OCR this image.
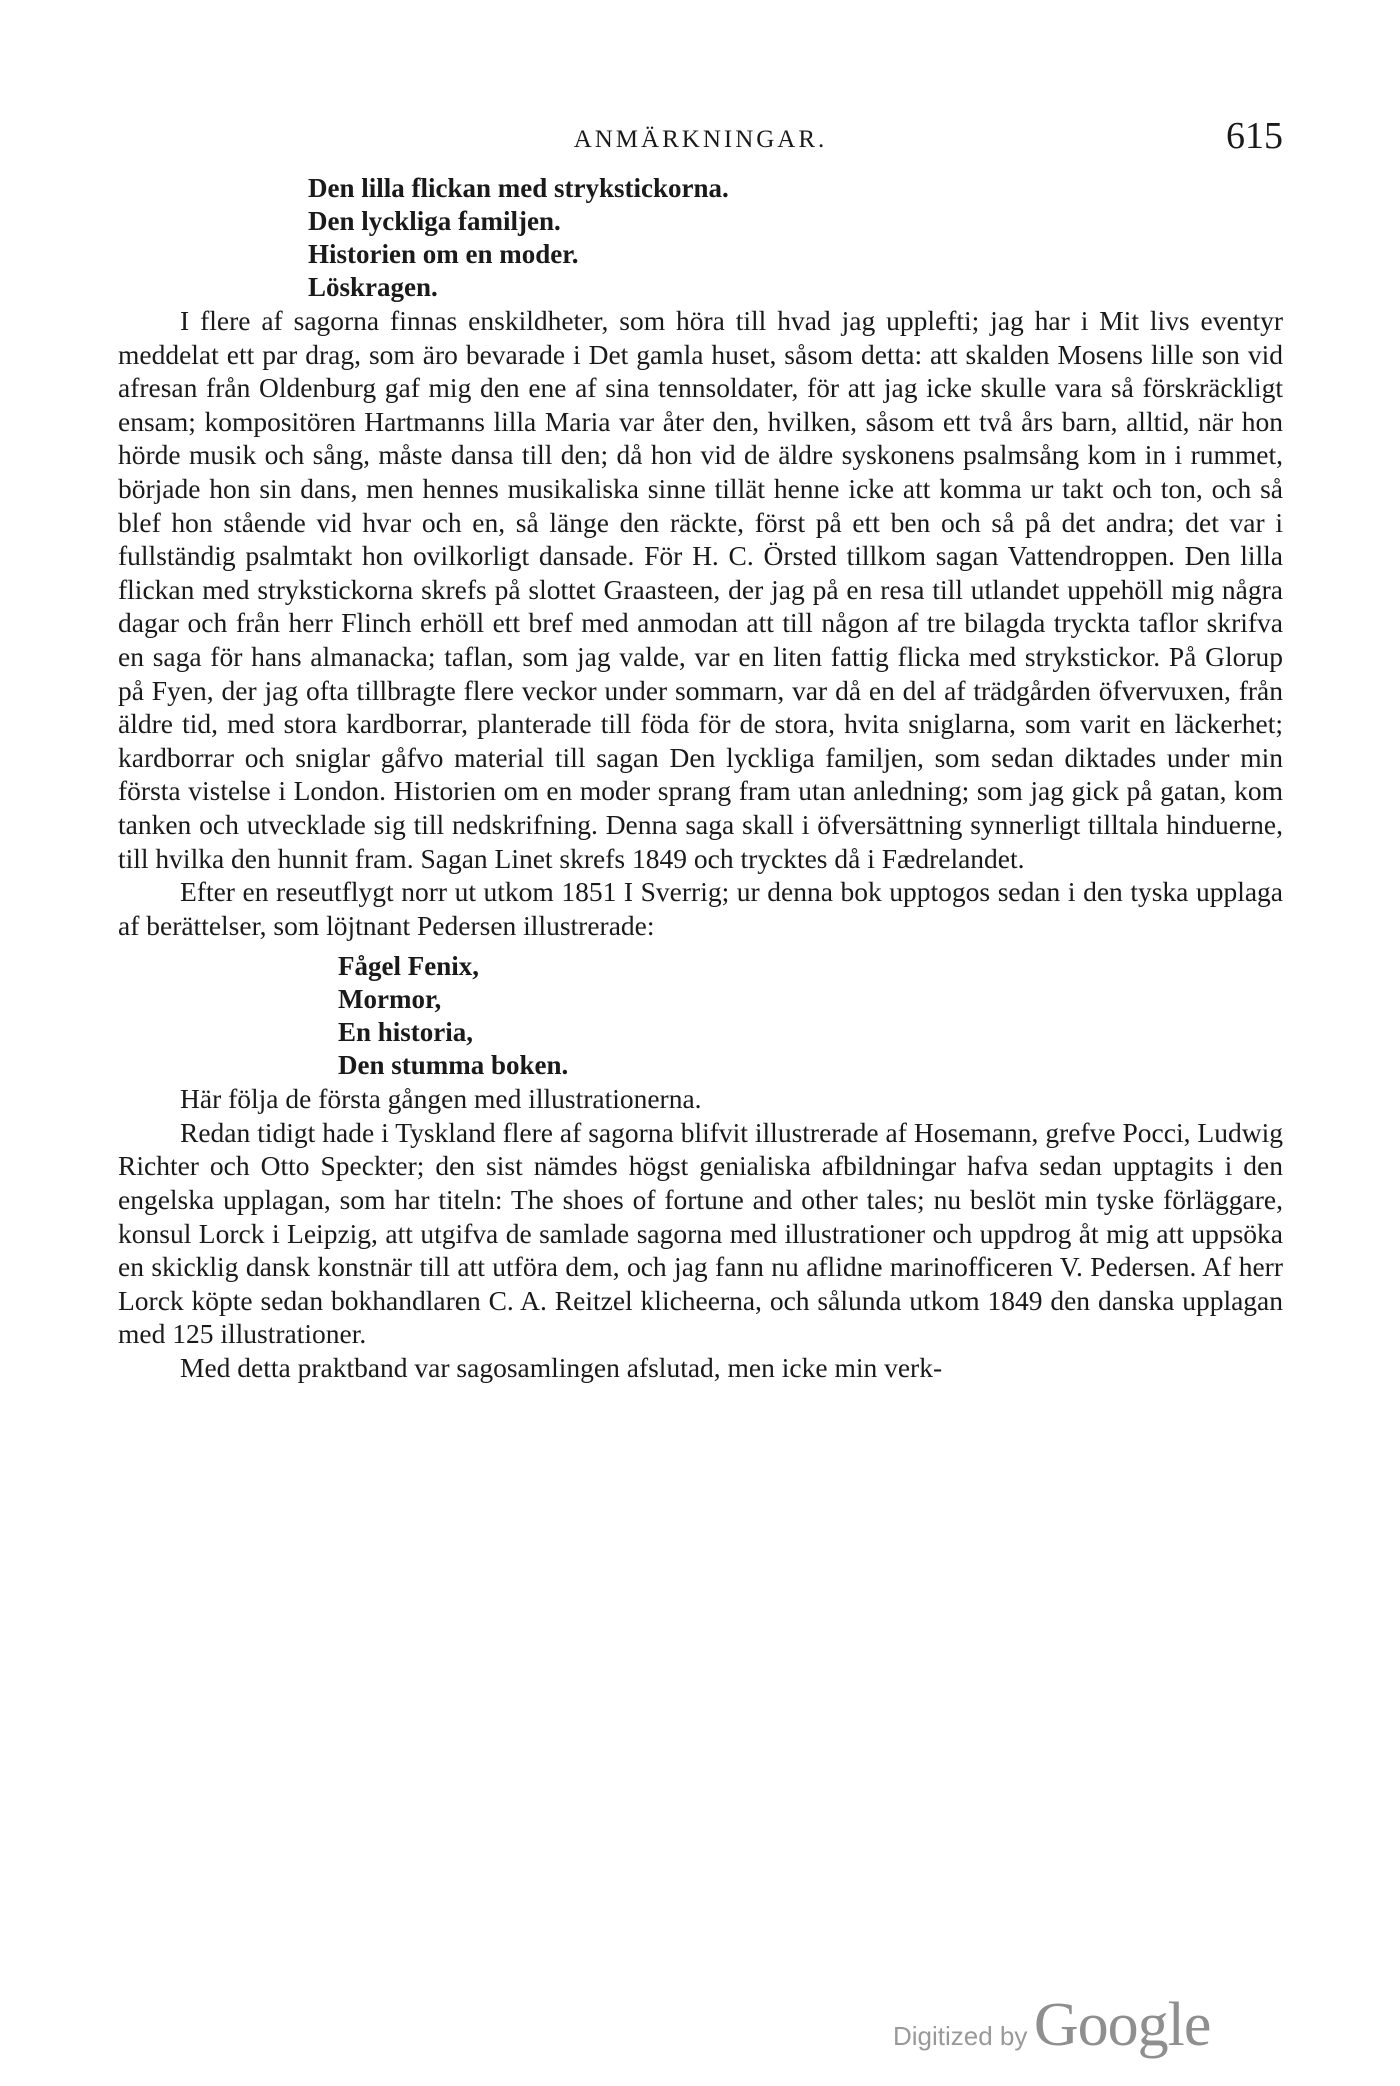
ANMÄRKNINGAR.	615
Den lilla flickan med strykstickorna.
Den lyckliga familjen.
Historien om en moder.
Löskragen.

I flere af sagorna finnas enskildheter, som höra till hvad jag upplefti; jag har i Mit livs eventyr meddelat ett par drag, som äro bevarade i Det gamla huset, såsom detta: att skalden Mosens lille son vid afresan från Oldenburg gaf mig den ene af sina tennsoldater, för att jag icke skulle vara så förskräckligt ensam; kompositören Hartmanns lilla Maria var åter den, hvilken, såsom ett två års barn, alltid, när hon hörde musik och sång, måste dansa till den; då hon vid de äldre syskonens psalmsång kom in i rummet, började hon sin dans, men hennes musikaliska sinne tillät henne icke att komma ur takt och ton, och så blef hon stående vid hvar och en, så länge den räckte, först på ett ben och så på det andra; det var i fullständig psalmtakt hon ovilkorligt dansade. För H. C. Örsted tillkom sagan Vattendroppen. Den lilla flickan med strykstickorna skrefs på slottet Graasteen, der jag på en resa till utlandet uppehöll mig några dagar och från herr Flinch erhöll ett bref med anmodan att till någon af tre bilagda tryckta taflor skrifva en saga för hans almanacka; taflan, som jag valde, var en liten fattig flicka med strykstickor. På Glorup på Fyen, der jag ofta tillbragte flere veckor under sommarn, var då en del af trädgården öfvervuxen, från äldre tid, med stora kardborrar, planterade till föda för de stora, hvita sniglarna, som varit en läckerhet; kardborrar och sniglar gåfvo material till sagan Den lyckliga familjen, som sedan diktades under min första vistelse i London. Historien om en moder sprang fram utan anledning; som jag gick på gatan, kom tanken och utvecklade sig till nedskrifning. Denna saga skall i öfversättning synnerligt tilltala hinduerne, till hvilka den hunnit fram. Sagan Linet skrefs 1849 och trycktes då i Fædrelandet.

Efter en reseutflygt norr ut utkom 1851 I Sverrig; ur denna bok upptogos sedan i den tyska upplaga af berättelser, som löjtnant Pedersen illustrerade:

Fågel Fenix,
Mormor,
En historia,
Den stumma boken.

Här följa de första gången med illustrationerna.

Redan tidigt hade i Tyskland flere af sagorna blifvit illustrerade af Hosemann, grefve Pocci, Ludwig Richter och Otto Speckter; den sist nämdes högst genialiska afbildningar hafva sedan upptagits i den engelska upplagan, som har titeln: The shoes of fortune and other tales; nu beslöt min tyske förläggare, konsul Lorck i Leipzig, att utgifva de samlade sagorna med illustrationer och uppdrog åt mig att uppsöka en skicklig dansk konstnär till att utföra dem, och jag fann nu aflidne marinofficeren V. Pedersen. Af herr Lorck köpte sedan bokhandlaren C. A. Reitzel klicheerna, och sålunda utkom 1849 den danska upplagan med 125 illustrationer.

Med detta praktband var sagosamlingen afslutad, men icke min verk-

Digitized by Google
